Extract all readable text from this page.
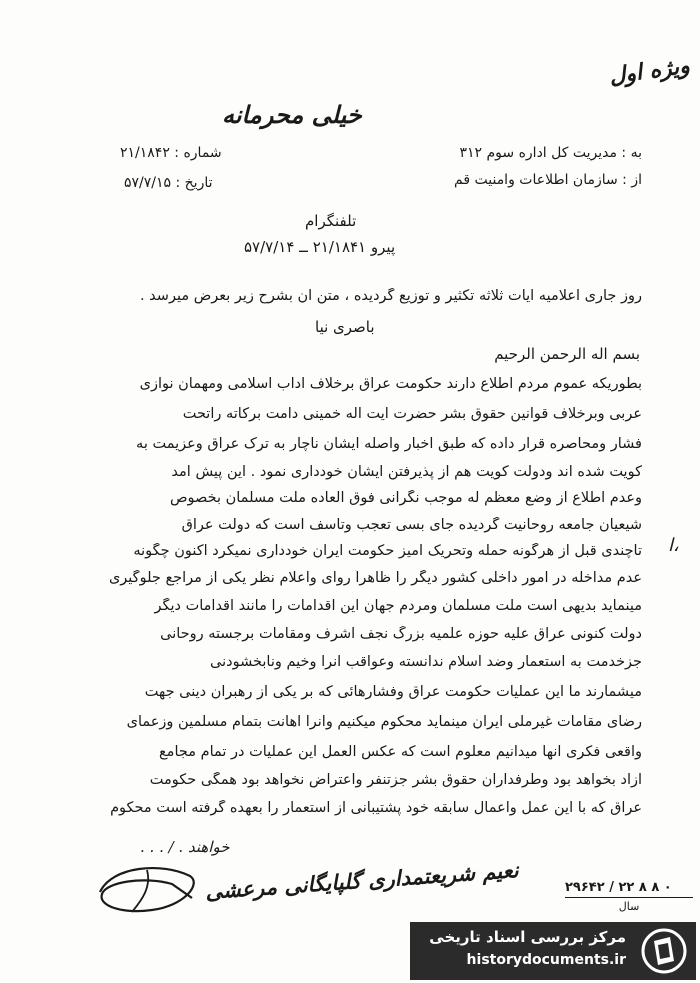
ویژه اول
خیلی محرمانه
به : مدیریت کل اداره سوم ۳۱۲
شماره : ۲۱/۱۸۴۲
از : سازمان اطلاعات وامنیت قم
تاریخ : ۵۷/۷/۱۵
تلفنگرام
پیرو ۲۱/۱۸۴۱ ــ ۵۷/۷/۱۴
روز جاری اعلامیه آیات ثلاثه تکثیر و توزیع گردیده ، متن آن بشرح زیر بعرض میرسد .
باصری نیا
بسم اله الرحمن الرحیم
بطوریکه عموم مردم اطلاع دارند حکومت عراق برخلاف آداب اسلامی ومهمان نوازی
عربی وبرخلاف قوانین حقوق بشر حضرت آیت اله خمینی دامت برکاته راتحت
فشار ومحاصره قرار داده که طبق اخبار واصله ایشان ناچار به ترک عراق وعزیمت به
کویت شده اند ودولت کویت هم از پذیرفتن ایشان خودداری نمود . این پیش آمد
وعدم اطلاع از وضع معظم له موجب نگرانی فوق العاده ملت مسلمان بخصوص
شیعیان جامعه روحانیت گردیده جای بسی تعجب وتاسف است که دولت عراق
تاچندی قبل از هرگونه حمله وتحریک آمیز حکومت ایران خودداری نمیکرد اکنون چگونه
عدم مداخله در امور داخلی کشور دیگر را ظاهراً روای واعلام نظر یکی از مراجع جلوگیری
مینماید بدیهی است ملت مسلمان ومردم جهان این اقدامات را مانند اقدامات دیگر
دولت کنونی عراق علیه حوزه علمیه بزرگ نجف اشرف ومقامات برجسته روحانی
جزخدمت به استعمار وضد اسلام ندانسته وعواقب آنرا وخیم ونابخشودنی
میشمارند ما این عملیات حکومت عراق وفشارهائی که بر یکی از رهبران دینی جهت
رضای مقامات غیرملی ایران مینماید محکوم میکنیم وآنرا اهانت بتمام مسلمین وزعمای
واقعی فکری آنها میدانیم معلوم است که عکس العمل این عملیات در تمام مجامع
آزاد بخواهد بود وطرفداران حقوق بشر جزتنفر واعتراض نخواهد بود همگی حکومت
عراق که با این عمل واعمال سابقه خود پشتیبانی از استعمار را بعهده گرفته است محکوم
ا،
خواهند . / . . .
نعیم شریعتمداری گلپایگانی مرعشی	۲۹۶۴۲ / ۲۲ ۸ ۸ ۰
سال
مرکز بررسی اسناد تاریخی
historydocuments.ir
